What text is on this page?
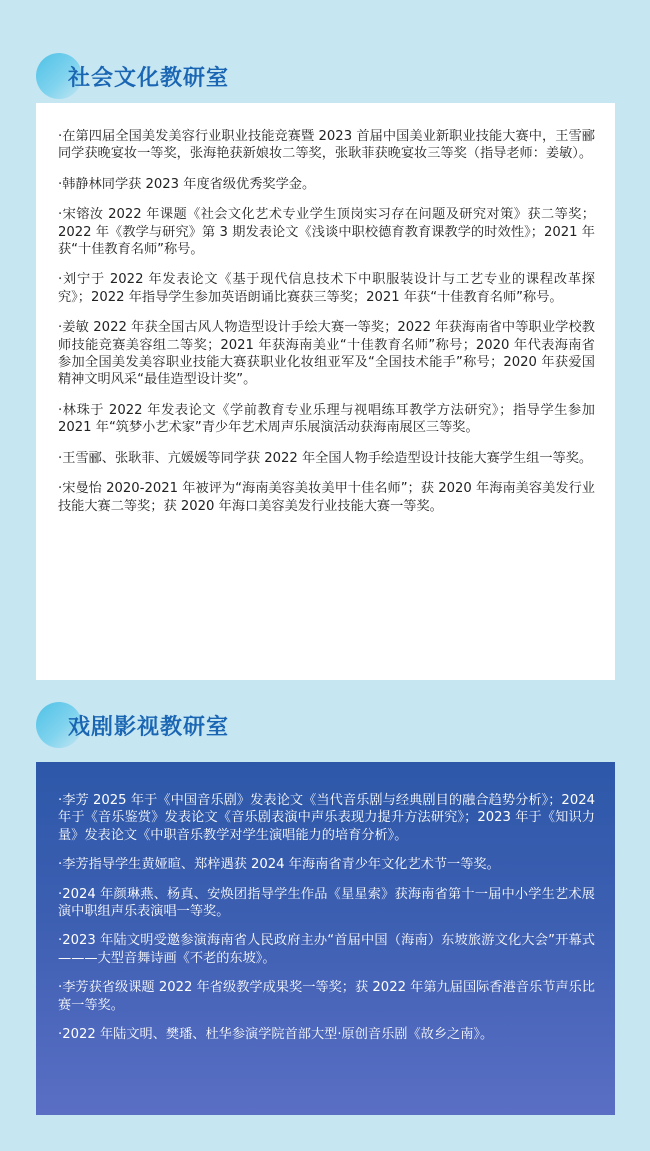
社会文化教研室

·在第四届全国美发美容行业职业技能竞赛暨 2023 首届中国美业新职业技能大赛中，王雪郦同学获晚宴妆一等奖，张海艳获新娘妆二等奖，张耿菲获晚宴妆三等奖（指导老师：姜敏）。

·韩静林同学获 2023 年度省级优秀奖学金。

·宋镕汝 2022 年课题《社会文化艺术专业学生顶岗实习存在问题及研究对策》获二等奖；2022 年《教学与研究》第 3 期发表论文《浅谈中职校德育教育课教学的时效性》；2021 年获“十佳教育名师”称号。

·刘宁于 2022 年发表论文《基于现代信息技术下中职服装设计与工艺专业的课程改革探究》；2022 年指导学生参加英语朗诵比赛获三等奖；2021 年获“十佳教育名师”称号。

·姜敏 2022 年获全国古风人物造型设计手绘大赛一等奖；2022 年获海南省中等职业学校教师技能竞赛美容组二等奖；2021 年获海南美业“十佳教育名师”称号；2020 年代表海南省参加全国美发美容职业技能大赛获职业化妆组亚军及“全国技术能手”称号；2020 年获爱国精神文明风采“最佳造型设计奖”。

·林珠于 2022 年发表论文《学前教育专业乐理与视唱练耳教学方法研究》；指导学生参加 2021 年“筑梦小艺术家”青少年艺术周声乐展演活动获海南展区三等奖。

·王雪郦、张耿菲、亢媛媛等同学获 2022 年全国人物手绘造型设计技能大赛学生组一等奖。

·宋曼怡 2020-2021 年被评为“海南美容美妆美甲十佳名师”；获 2020 年海南美容美发行业技能大赛二等奖；获 2020 年海口美容美发行业技能大赛一等奖。

戏剧影视教研室

·李芳 2025 年于《中国音乐剧》发表论文《当代音乐剧与经典剧目的融合趋势分析》；2024 年于《音乐鉴赏》发表论文《音乐剧表演中声乐表现力提升方法研究》；2023 年于《知识力量》发表论文《中职音乐教学对学生演唱能力的培育分析》。

·李芳指导学生黄娅暄、郑梓遇获 2024 年海南省青少年文化艺术节一等奖。

·2024 年颜琳燕、杨真、安焕团指导学生作品《星星索》获海南省第十一届中小学生艺术展演中职组声乐表演唱一等奖。

·2023 年陆文明受邀参演海南省人民政府主办“首届中国（海南）东坡旅游文化大会”开幕式———大型音舞诗画《不老的东坡》。

·李芳获省级课题 2022 年省级教学成果奖一等奖；获 2022 年第九届国际香港音乐节声乐比赛一等奖。

·2022 年陆文明、樊璠、杜华参演学院首部大型·原创音乐剧《故乡之南》。
